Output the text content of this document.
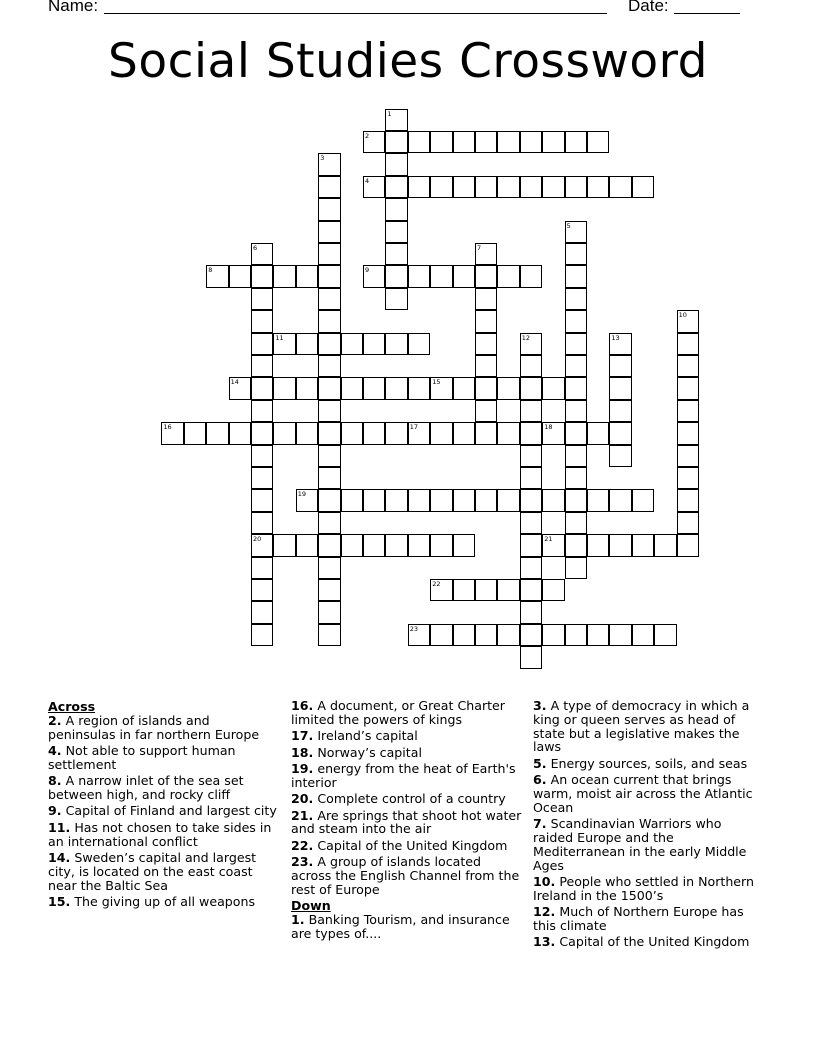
Name:	Date:
Social Studies Crossword
1
2
3
4
5
6	7
8	9
10
11	12	13
14	15
16	17	18
19
20	21
22
23
Across
2. A region of islands and peninsulas in far northern Europe
4. Not able to support human settlement
8. A narrow inlet of the sea set between high, and rocky cliff
9. Capital of Finland and largest city
11. Has not chosen to take sides in an international conflict
14. Sweden’s capital and largest city, is located on the east coast near the Baltic Sea
15. The giving up of all weapons
16. A document, or Great Charter limited the powers of kings
17. Ireland’s capital
18. Norway’s capital
19. energy from the heat of Earth's interior
20. Complete control of a country
21. Are springs that shoot hot water and steam into the air
22. Capital of the United Kingdom
23. A group of islands located across the English Channel from the rest of Europe
Down
1. Banking Tourism, and insurance are types of....
3. A type of democracy in which a king or queen serves as head of state but a legislative makes the laws
5. Energy sources, soils, and seas
6. An ocean current that brings warm, moist air across the Atlantic Ocean
7. Scandinavian Warriors who raided Europe and the Mediterranean in the early Middle Ages
10. People who settled in Northern Ireland in the 1500’s
12. Much of Northern Europe has this climate
13. Capital of the United Kingdom
